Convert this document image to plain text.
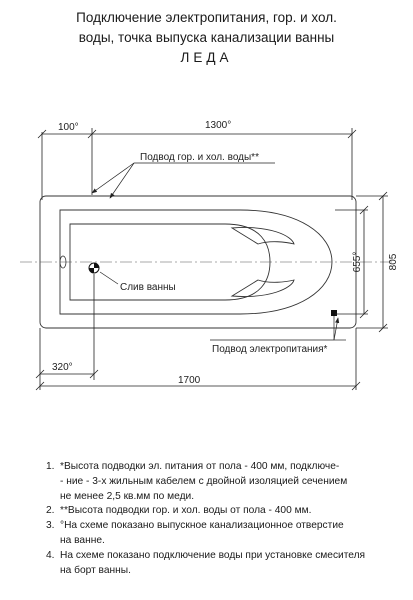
Подключение электропитания, гор. и хол.
воды, точка выпуска канализации ванны
ЛЕДА
100°	1300°
Слив ванны
Подвод гор. и хол. воды**
Подвод электропитания*
655°	805
320°
1700
1. *Высота подводки эл. питания от пола - 400 мм, подключе-
- ние - 3-х жильным кабелем с двойной изоляцией сечением
не менее 2,5 кв.мм по меди.
2. **Высота подводки гор. и хол. воды от пола - 400 мм.
3. °На схеме показано выпускное канализационное отверстие
на ванне.
4. На схеме показано подключение воды при установке смесителя
на борт ванны.
